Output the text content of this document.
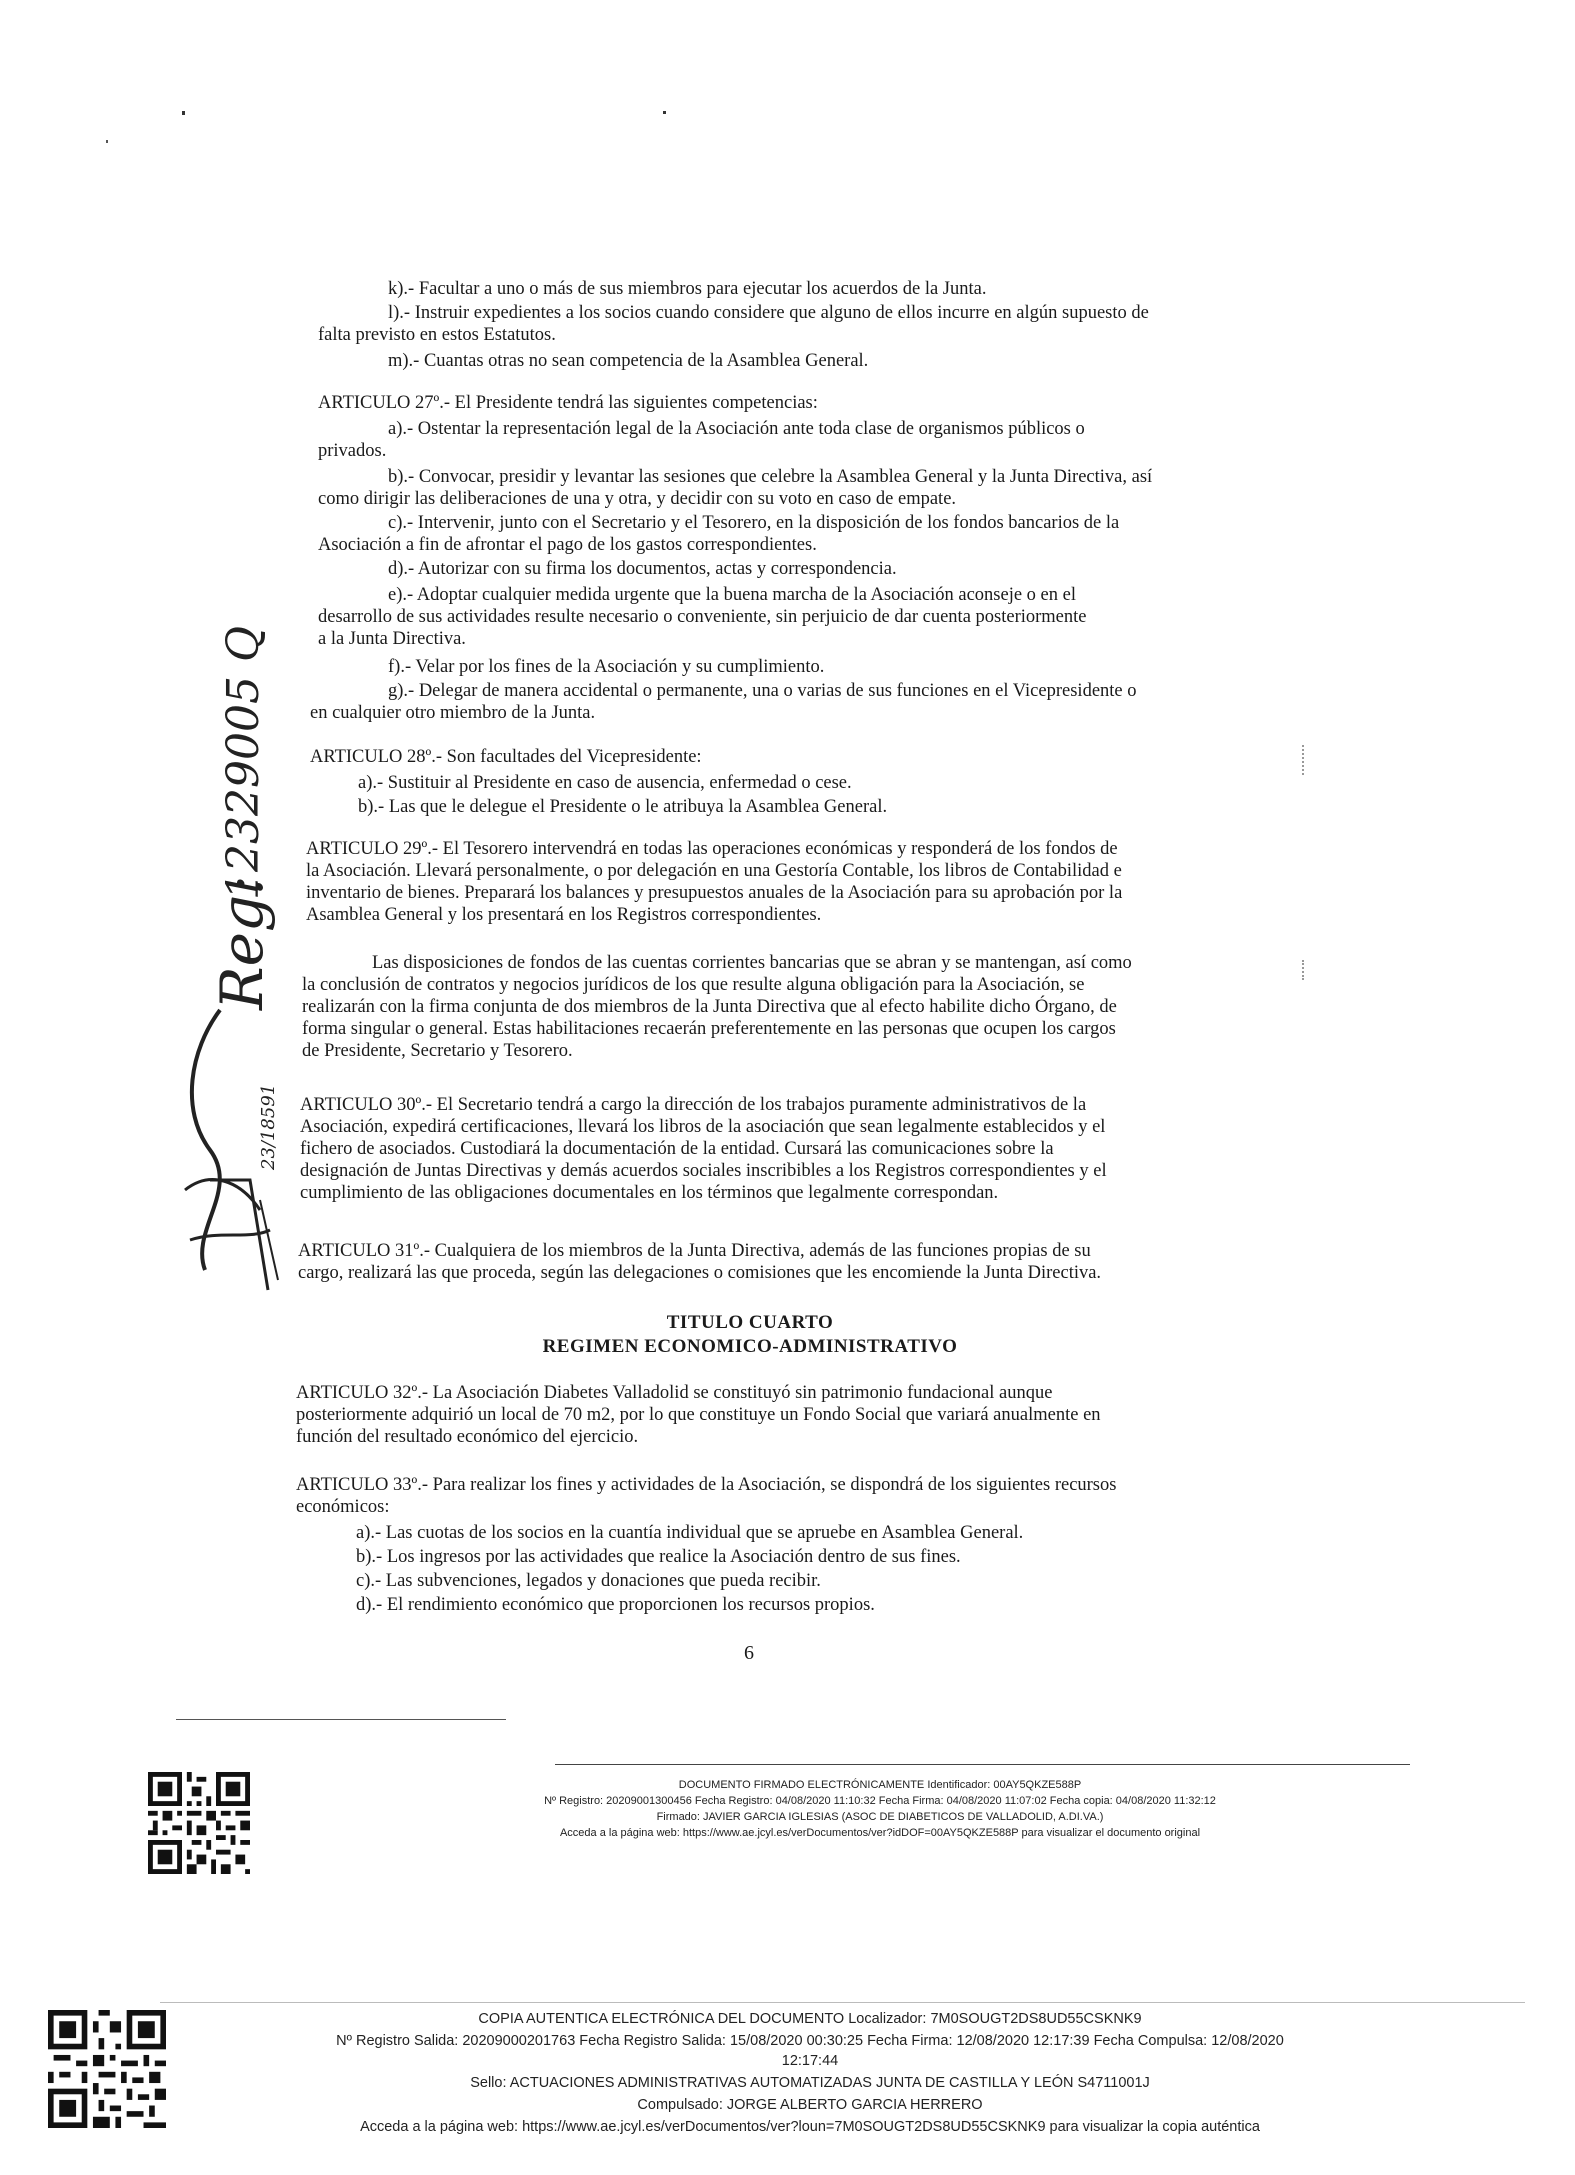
k).- Facultar a uno o más de sus miembros para ejecutar los acuerdos de la Junta.
l).- Instruir expedientes a los socios cuando considere que alguno de ellos incurre en algún supuesto de
falta previsto en estos Estatutos.
m).- Cuantas otras no sean competencia de la Asamblea General.
ARTICULO 27º.- El Presidente tendrá las siguientes competencias:
a).- Ostentar la representación legal de la Asociación ante toda clase de organismos públicos o
privados.
b).- Convocar, presidir y levantar las sesiones que celebre la Asamblea General y la Junta Directiva, así
como dirigir las deliberaciones de una y otra, y decidir con su voto en caso de empate.
c).- Intervenir, junto con el Secretario y el Tesorero, en la disposición de los fondos bancarios de la
Asociación a fin de afrontar el pago de los gastos correspondientes.
d).- Autorizar con su firma los documentos, actas y correspondencia.
e).- Adoptar cualquier medida urgente que la buena marcha de la Asociación aconseje o en el
desarrollo de sus actividades resulte necesario o conveniente, sin perjuicio de dar cuenta posteriormente
a la Junta Directiva.
f).- Velar por los fines de la Asociación y su cumplimiento.
g).- Delegar de manera accidental o permanente, una o varias de sus funciones en el Vicepresidente o
en cualquier otro miembro de la Junta.
ARTICULO 28º.- Son facultades del Vicepresidente:
a).- Sustituir al Presidente en caso de ausencia, enfermedad o cese.
b).- Las que le delegue el Presidente o le atribuya la Asamblea General.
ARTICULO 29º.- El Tesorero intervendrá en todas las operaciones económicas y responderá de los fondos de
la Asociación. Llevará personalmente, o por delegación en una Gestoría Contable, los libros de Contabilidad e
inventario de bienes. Preparará los balances y presupuestos anuales de la Asociación para su aprobación por la
Asamblea General y los presentará en los Registros correspondientes.
Las disposiciones de fondos de las cuentas corrientes bancarias que se abran y se mantengan, así como
la conclusión de contratos y negocios jurídicos de los que resulte alguna obligación para la Asociación, se
realizarán con la firma conjunta de dos miembros de la Junta Directiva que al efecto habilite dicho Órgano, de
forma singular o general. Estas habilitaciones recaerán preferentemente en las personas que ocupen los cargos
de Presidente, Secretario y Tesorero.
ARTICULO 30º.- El Secretario tendrá a cargo la dirección de los trabajos puramente administrativos de la
Asociación, expedirá certificaciones, llevará los libros de la asociación que sean legalmente establecidos y el
fichero de asociados. Custodiará la documentación de la entidad. Cursará las comunicaciones sobre la
designación de Juntas Directivas y demás acuerdos sociales inscribibles a los Registros correspondientes y el
cumplimiento de las obligaciones documentales en los términos que legalmente correspondan.
ARTICULO 31º.- Cualquiera de los miembros de la Junta Directiva, además de las funciones propias de su
cargo, realizará las que proceda, según las delegaciones o comisiones que les encomiende la Junta Directiva.
TITULO CUARTO
REGIMEN ECONOMICO-ADMINISTRATIVO
ARTICULO 32º.- La Asociación Diabetes Valladolid se constituyó sin patrimonio fundacional aunque
posteriormente adquirió un local de 70 m2, por lo que constituye un Fondo Social que variará anualmente en
función del resultado económico del ejercicio.
ARTICULO 33º.- Para realizar los fines y actividades de la Asociación, se dispondrá de los siguientes recursos
económicos:
a).- Las cuotas de los socios en la cuantía individual que se apruebe en Asamblea General.
b).- Los ingresos por las actividades que realice la Asociación dentro de sus fines.
c).- Las subvenciones, legados y donaciones que pueda recibir.
d).- El rendimiento económico que proporcionen los recursos propios.
6
12329005 Q
Reg:
23/18591
DOCUMENTO FIRMADO ELECTRÓNICAMENTE Identificador: 00AY5QKZE588P
Nº Registro: 20209001300456 Fecha Registro: 04/08/2020 11:10:32 Fecha Firma: 04/08/2020 11:07:02 Fecha copia: 04/08/2020 11:32:12
Firmado: JAVIER GARCIA IGLESIAS (ASOC DE DIABETICOS DE VALLADOLID, A.DI.VA.)
Acceda a la página web: https://www.ae.jcyl.es/verDocumentos/ver?idDOF=00AY5QKZE588P para visualizar el documento original
COPIA AUTENTICA ELECTRÓNICA DEL DOCUMENTO Localizador: 7M0SOUGT2DS8UD55CSKNK9
Nº Registro Salida: 20209000201763 Fecha Registro Salida: 15/08/2020 00:30:25 Fecha Firma: 12/08/2020 12:17:39 Fecha Compulsa: 12/08/2020
12:17:44
Sello: ACTUACIONES ADMINISTRATIVAS AUTOMATIZADAS JUNTA DE CASTILLA Y LEÓN S4711001J
Compulsado: JORGE ALBERTO GARCIA HERRERO
Acceda a la página web: https://www.ae.jcyl.es/verDocumentos/ver?loun=7M0SOUGT2DS8UD55CSKNK9 para visualizar la copia auténtica
